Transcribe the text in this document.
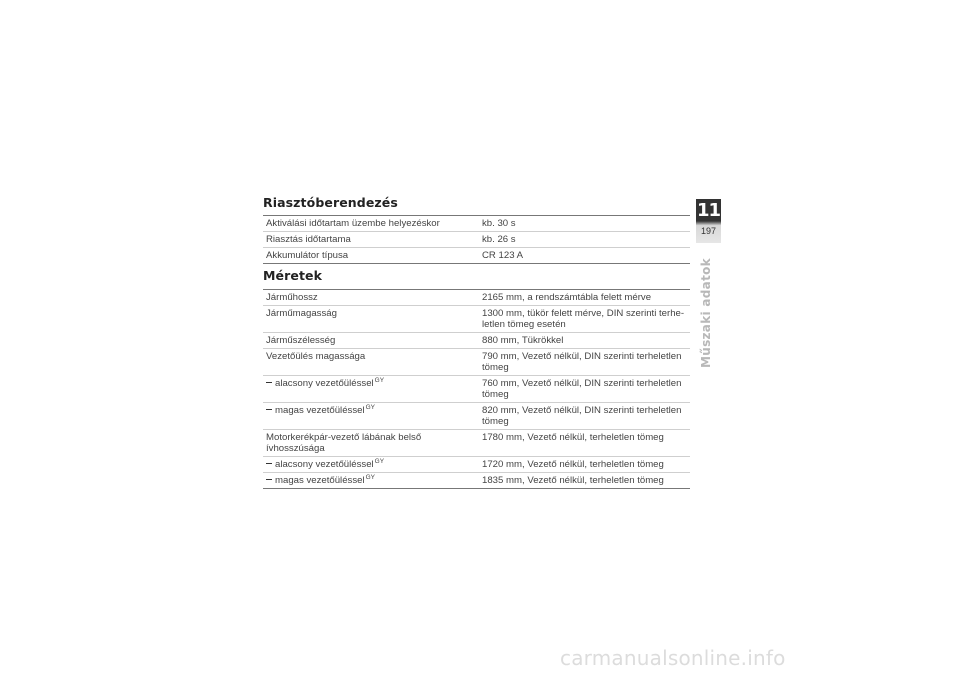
Riasztóberendezés
Aktiválási időtartam üzembe helyezéskor	kb. 30 s
Riasztás időtartama	kb. 26 s
Akkumulátor típusa	CR 123 A
Méretek
Járműhossz	2165 mm, a rendszámtábla felett mérve
Járműmagasság	1300 mm, tükör felett mérve, DIN szerinti terhe-
letlen tömeg esetén
Járműszélesség	880 mm, Tükrökkel
Vezetőülés magassága	790 mm, Vezető nélkül, DIN szerinti terheletlen
tömeg
alacsony vezetőüléssel$^{GY}$	760 mm, Vezető nélkül, DIN szerinti terheletlen
tömeg
magas vezetőüléssel$^{GY}$	820 mm, Vezető nélkül, DIN szerinti terheletlen
tömeg
Motorkerékpár-vezető lábának belső ívhosszúsága	1780 mm, Vezető nélkül, terheletlen tömeg
alacsony vezetőüléssel$^{GY}$	1720 mm, Vezető nélkül, terheletlen tömeg
magas vezetőüléssel$^{GY}$	1835 mm, Vezető nélkül, terheletlen tömeg
11
197
Műszaki adatok
carmanualsonline.info
